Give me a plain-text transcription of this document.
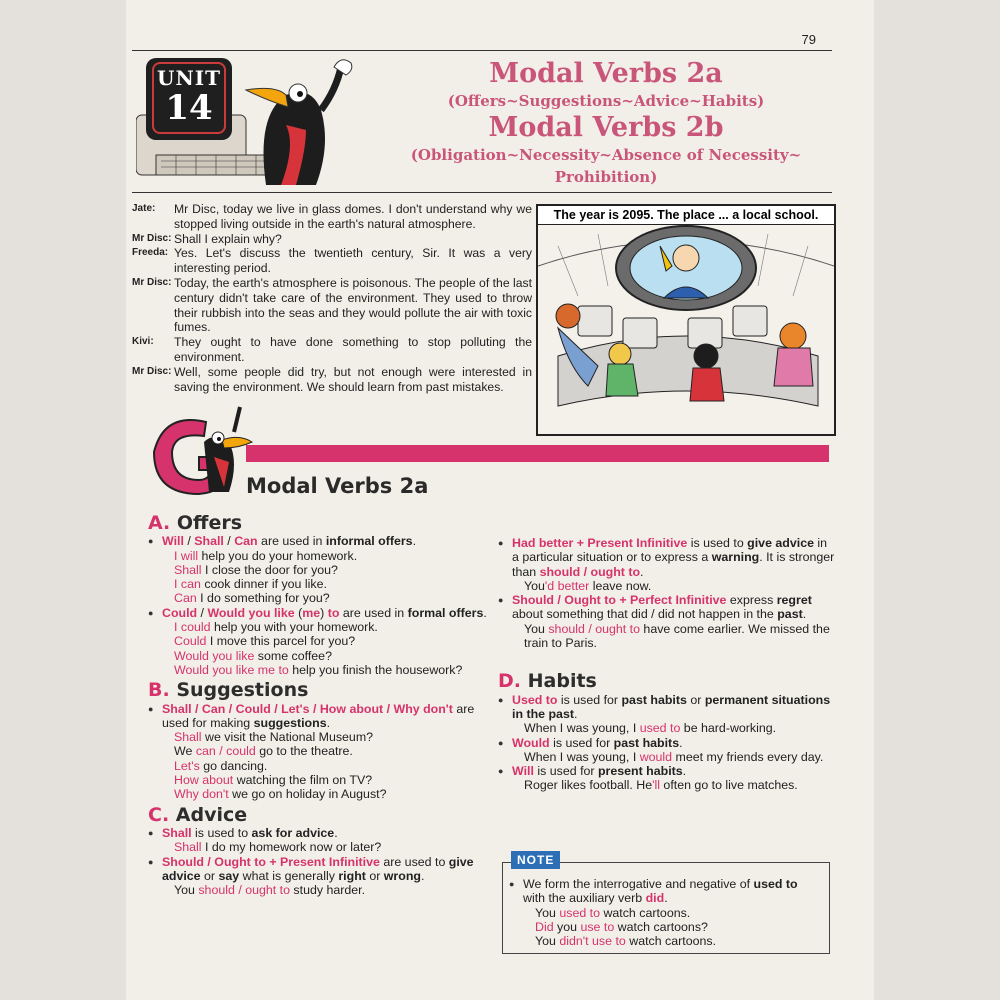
79
UNIT
14
Modal Verbs 2a
(Offers~Suggestions~Advice~Habits)
Modal Verbs 2b
(Obligation~Necessity~Absence of Necessity~
Prohibition)
Jate:	Mr Disc, today we live in glass domes. I don't understand why we stopped living outside in the earth's natural atmosphere.
Mr Disc: Shall I explain why?
Freeda: Yes. Let's discuss the twentieth century, Sir. It was a very interesting period.
Mr Disc: Today, the earth's atmosphere is poisonous. The people of the last century didn't take care of the environment. They used to throw their rubbish into the seas and they would pollute the air with toxic fumes.
Kivi:	They ought to have done something to stop polluting the environment.
Mr Disc: Well, some people did try, but not enough were interested in saving the environment. We should learn from past mistakes.
The year is 2095. The place ... a local school.
Modal Verbs 2a
A. Offers
● Will / Shall / Can are used in informal offers.
I will help you do your homework.
Shall I close the door for you?
I can cook dinner if you like.
Can I do something for you?
● Could / Would you like (me) to are used in formal offers.
I could help you with your homework.
Could I move this parcel for you?
Would you like some coffee?
Would you like me to help you finish the housework?
B. Suggestions
● Shall / Can / Could / Let's / How about / Why don't are used for making suggestions.
Shall we visit the National Museum?
We can / could go to the theatre.
Let's go dancing.
How about watching the film on TV?
Why don't we go on holiday in August?
C. Advice
● Shall is used to ask for advice.
Shall I do my homework now or later?
● Should / Ought to + Present Infinitive are used to give advice or say what is generally right or wrong.
You should / ought to study harder.
● Had better + Present Infinitive is used to give advice in a particular situation or to express a warning. It is stronger than should / ought to.
You'd better leave now.
● Should / Ought to + Perfect Infinitive express regret about something that did / did not happen in the past.
You should / ought to have come earlier. We missed the train to Paris.
D. Habits
● Used to is used for past habits or permanent situations in the past.
When I was young, I used to be hard-working.
● Would is used for past habits.
When I was young, I would meet my friends every day.
● Will is used for present habits.
Roger likes football. He'll often go to live matches.
NOTE
● We form the interrogative and negative of used to with the auxiliary verb did.
You used to watch cartoons.
Did you use to watch cartoons?
You didn't use to watch cartoons.
